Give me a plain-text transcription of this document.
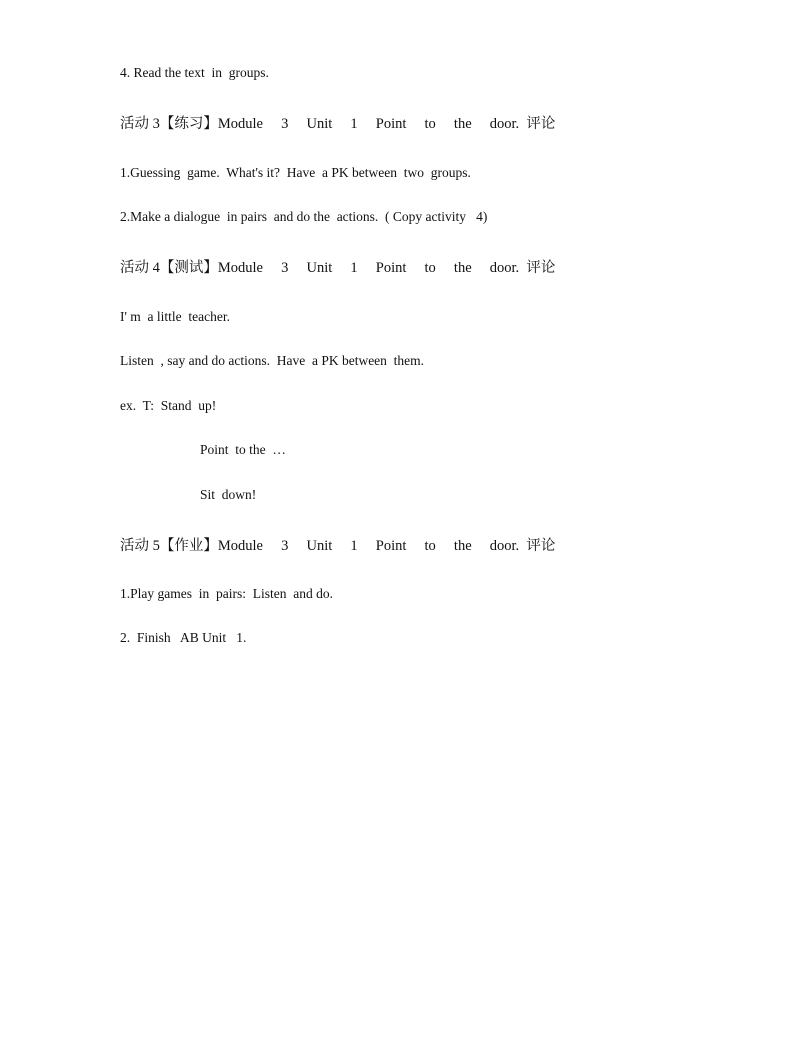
4. Read the text  in  groups.
活动 3【练习】Module     3     Unit     1     Point     to     the     door.  评论
1.Guessing  game.  What's it?  Have  a PK between  two  groups.
2.Make a dialogue  in pairs  and do the  actions.  ( Copy activity   4)
活动 4【测试】Module     3     Unit     1     Point     to     the     door.  评论
I' m  a little  teacher.
Listen  , say and do actions.  Have  a PK between  them.
ex.  T:  Stand  up!
Point  to the  …
Sit  down!
活动 5【作业】Module     3     Unit     1     Point     to     the     door.  评论
1.Play games  in  pairs:  Listen  and do.
2.  Finish   AB Unit   1.
